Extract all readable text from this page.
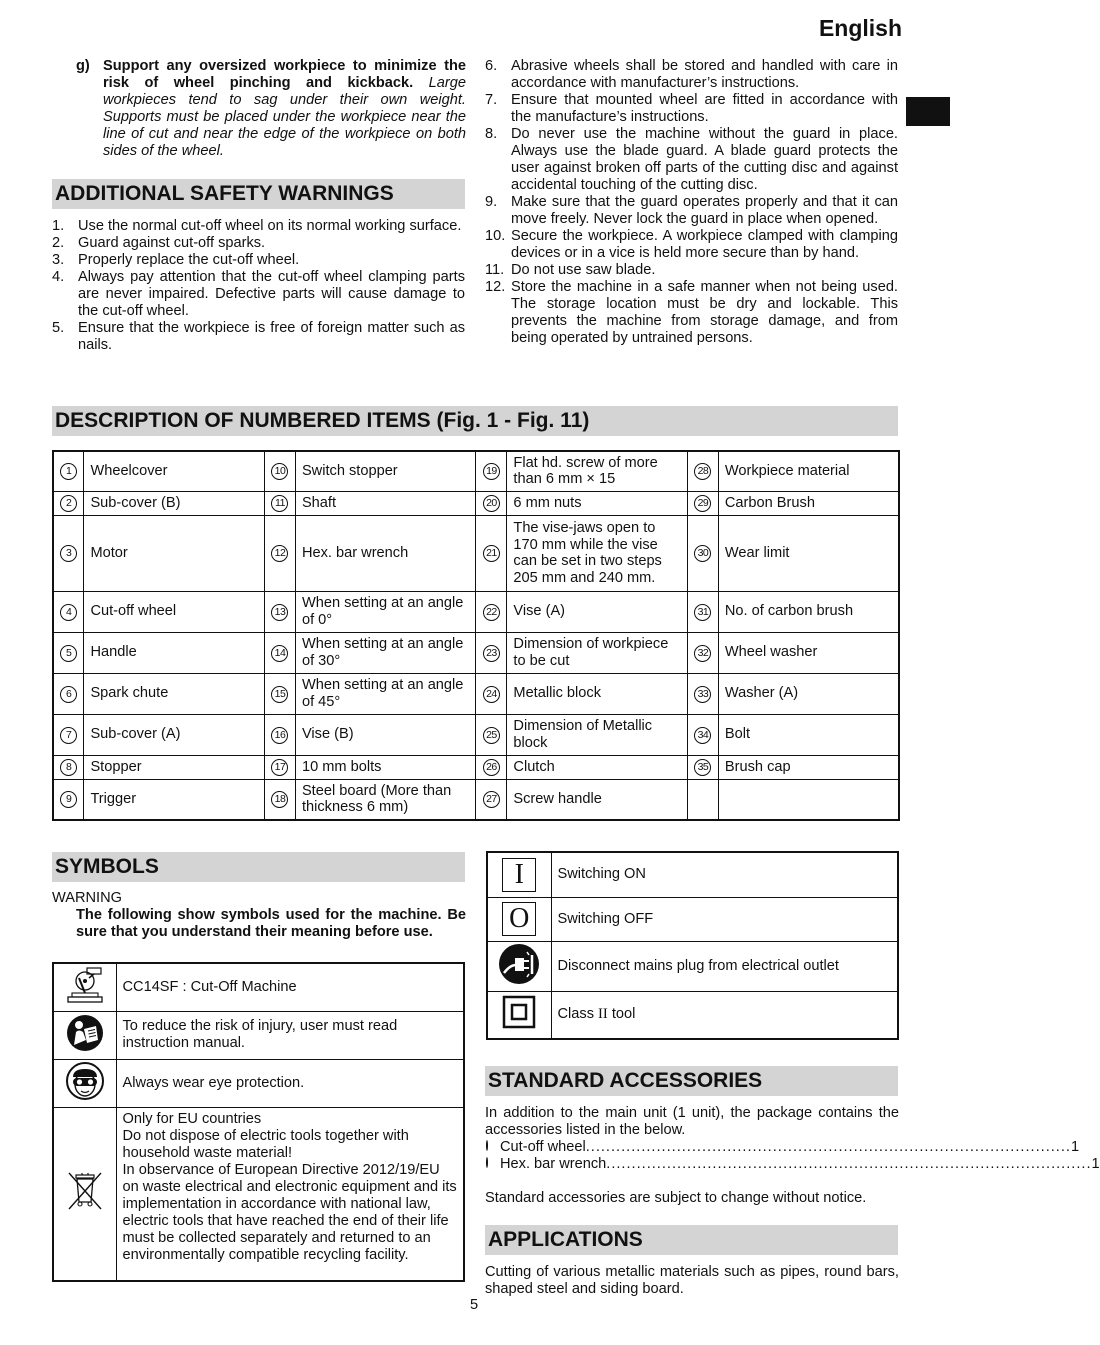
English
g) Support any oversized workpiece to minimize the risk of wheel pinching and kickback. Large workpieces tend to sag under their own weight. Supports must be placed under the workpiece near the line of cut and near the edge of the workpiece on both sides of the wheel.
ADDITIONAL SAFETY WARNINGS
1. Use the normal cut-off wheel on its normal working surface.
2. Guard against cut-off sparks.
3. Properly replace the cut-off wheel.
4. Always pay attention that the cut-off wheel clamping parts are never impaired. Defective parts will cause damage to the cut-off wheel.
5. Ensure that the workpiece is free of foreign matter such as nails.
6. Abrasive wheels shall be stored and handled with care in accordance with manufacturer’s instructions.
7. Ensure that mounted wheel are fitted in accordance with the manufacture’s instructions.
8. Do never use the machine without the guard in place. Always use the blade guard. A blade guard protects the user against broken off parts of the cutting disc and against accidental touching of the cutting disc.
9. Make sure that the guard operates properly and that it can move freely. Never lock the guard in place when opened.
10. Secure the workpiece. A workpiece clamped with clamping devices or in a vice is held more secure than by hand.
11. Do not use saw blade.
12. Store the machine in a safe manner when not being used. The storage location must be dry and lockable. This prevents the machine from storage damage, and from being operated by untrained persons.
DESCRIPTION OF NUMBERED ITEMS (Fig. 1 - Fig. 11)
1	Wheelcover	10	Switch stopper	19	Flat hd. screw of more than 6 mm × 15	28	Workpiece material
2	Sub-cover (B)	11	Shaft	20	6 mm nuts	29	Carbon Brush
3	Motor	12	Hex. bar wrench	21	The vise-jaws open to 170 mm while the vise can be set in two steps 205 mm and 240 mm.	30	Wear limit
4	Cut-off wheel	13	When setting at an angle of 0°	22	Vise (A)	31	No. of carbon brush
5	Handle	14	When setting at an angle of 30°	23	Dimension of workpiece to be cut	32	Wheel washer
6	Spark chute	15	When setting at an angle of 45°	24	Metallic block	33	Washer (A)
7	Sub-cover (A)	16	Vise (B)	25	Dimension of Metallic block	34	Bolt
8	Stopper	17	10 mm bolts	26	Clutch	35	Brush cap
9	Trigger	18	Steel board (More than thickness 6 mm)	27	Screw handle		
SYMBOLS
WARNING
The following show symbols used for the machine. Be sure that you understand their meaning before use.
	CC14SF : Cut-Off Machine
	To reduce the risk of injury, user must read instruction manual.
	Always wear eye protection.

Only for EU countries
Do not dispose of electric tools together with household waste material!
In observance of European Directive 2012/19/EU on waste electrical and electronic equipment and its implementation in accordance with national law, electric tools that have reached the end of their life must be collected separately and returned to an environmentally compatible recycling facility.
I	Switching ON
O	Switching OFF
	Disconnect mains plug from electrical outlet
	Class II tool
STANDARD ACCESSORIES
In addition to the main unit (1 unit), the package contains the accessories listed in the below.
Cut-off wheel ................................................................................................ 1
Hex. bar wrench ................................................................................................ 1
Standard accessories are subject to change without notice.
APPLICATIONS
Cutting of various metallic materials such as pipes, round bars, shaped steel and siding board.
5
